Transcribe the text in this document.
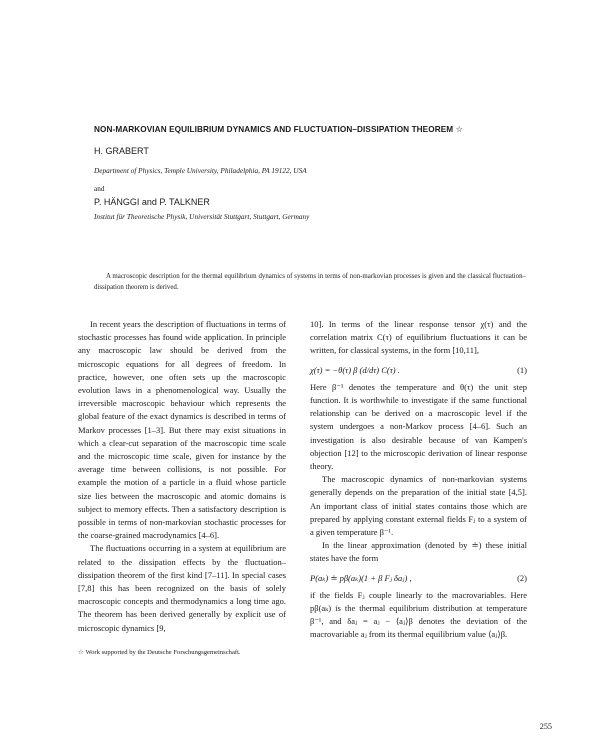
NON-MARKOVIAN EQUILIBRIUM DYNAMICS AND FLUCTUATION–DISSIPATION THEOREM ☆
H. GRABERT
Department of Physics, Temple University, Philadelphia, PA 19122, USA
and
P. HÄNGGI and P. TALKNER
Institut für Theoretische Physik, Universität Stuttgart, Stuttgart, Germany
A macroscopic description for the thermal equilibrium dynamics of systems in terms of non-markovian processes is given and the classical fluctuation–dissipation theorem is derived.

In recent years the description of fluctuations in terms of stochastic processes has found wide application. In principle any macroscopic law should be derived from the microscopic equations for all degrees of freedom. In practice, however, one often sets up the macroscopic evolution laws in a phenomenological way. Usually the irreversible macroscopic behaviour which represents the global feature of the exact dynamics is described in terms of Markov processes [1–3]. But there may exist situations in which a clear-cut separation of the macroscopic time scale and the microscopic time scale, given for instance by the average time between collisions, is not possible. For example the motion of a particle in a fluid whose particle size lies between the macroscopic and atomic domains is subject to memory effects. Then a satisfactory description is possible in terms of non-markovian stochastic processes for the coarse-grained macrodynamics [4–6].

The fluctuations occurring in a system at equilibrium are related to the dissipation effects by the fluctuation–dissipation theorem of the first kind [7–11]. In special cases [7,8] this has been recognized on the basis of solely macroscopic concepts and thermodynamics a long time ago. The theorem has been derived generally by explicit use of microscopic dynamics [9,

10]. In terms of the linear response tensor χ(τ) and the correlation matrix C(τ) of equilibrium fluctuations it can be written, for classical systems, in the form [10,11],

χ(τ) = −θ(τ) β (d/dτ) C(τ) .	(1)

Here β⁻¹ denotes the temperature and θ(τ) the unit step function. It is worthwhile to investigate if the same functional relationship can be derived on a macroscopic level if the system undergoes a non-Markov process [4–6]. Such an investigation is also desirable because of van Kampen's objection [12] to the microscopic derivation of linear response theory.

The macroscopic dynamics of non-markovian systems generally depends on the preparation of the initial state [4,5]. An important class of initial states contains those which are prepared by applying constant external fields Fⱼ to a system of a given temperature β⁻¹.

In the linear approximation (denoted by ≐) these initial states have the form

P(aₖ) ≐ pβ(aₖ)(1 + β Fⱼ δaⱼ) ,	(2)

if the fields Fⱼ couple linearly to the macrovariables. Here pβ(aₖ) is the thermal equilibrium distribution at temperature β⁻¹, and δaⱼ = aⱼ − ⟨aⱼ⟩β denotes the deviation of the macrovariable aⱼ from its thermal equilibrium value ⟨aⱼ⟩β.

☆ Work supported by the Deutsche Forschungsgemeinschaft.
255
